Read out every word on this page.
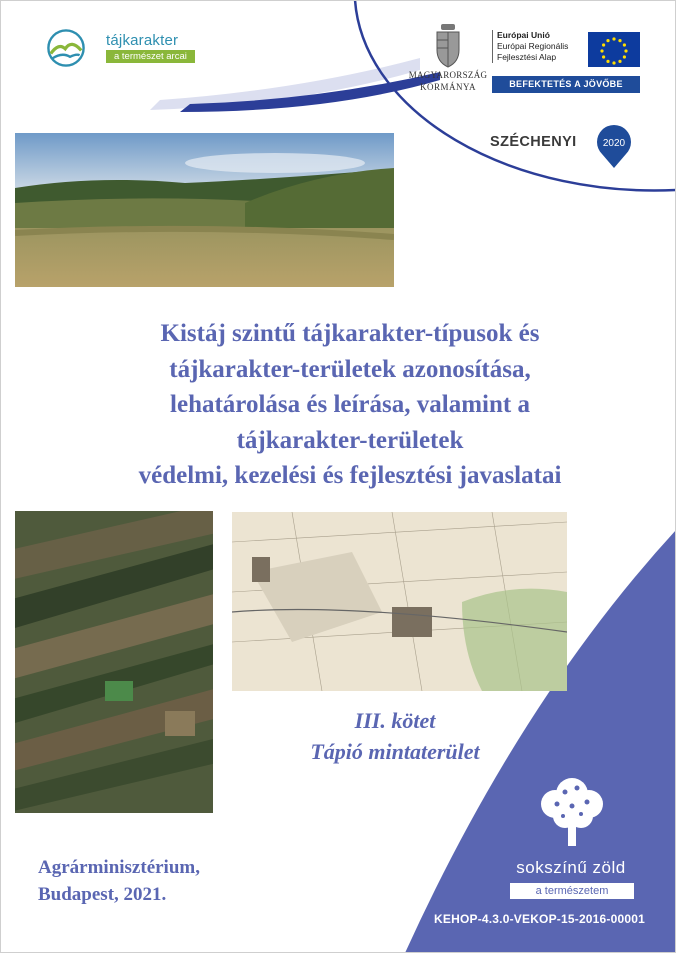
tájkarakter
a természet arcai
MAGYARORSZÁG
KORMÁNYA
Európai Unió
Európai Regionális
Fejlesztési Alap
BEFEKTETÉS A JÖVŐBE
SZÉCHENYI	2020
Kistáj szintű tájkarakter-típusok és
tájkarakter-területek azonosítása,
lehatárolása és leírása, valamint a
tájkarakter-területek
védelmi, kezelési és fejlesztési javaslatai
III. kötet
Tápió mintaterület
Agrárminisztérium,
Budapest, 2021.
sokszínű zöld
a természetem
KEHOP-4.3.0-VEKOP-15-2016-00001
